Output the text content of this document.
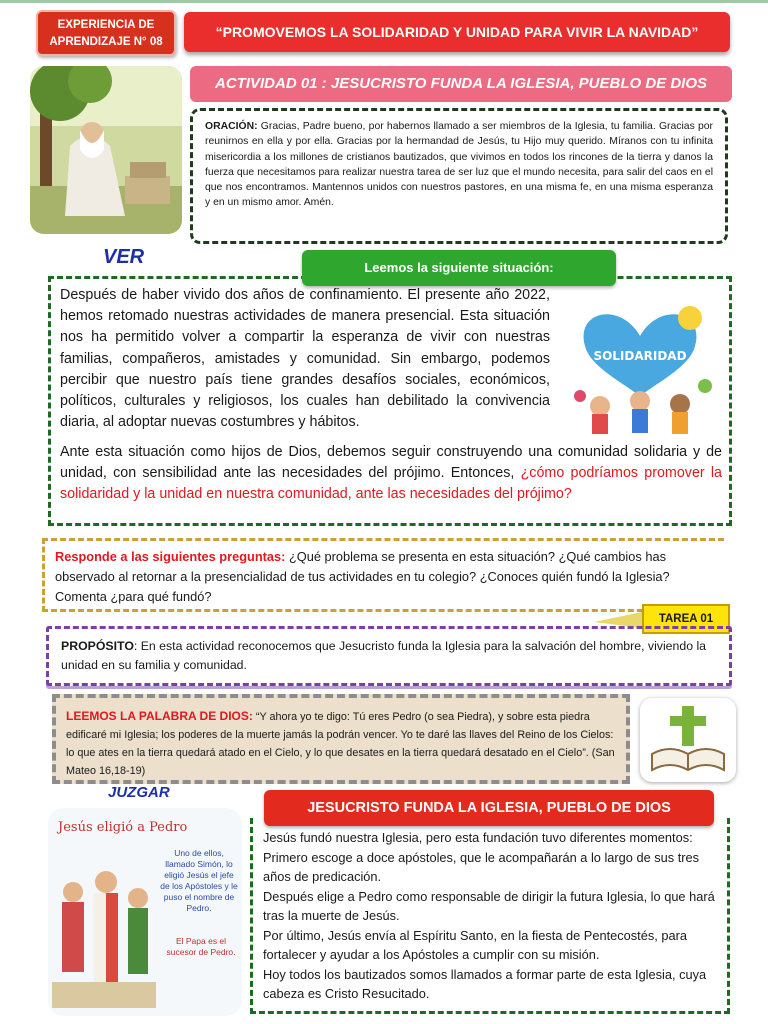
EXPERIENCIA DE
APRENDIZAJE N° 08
“PROMOVEMOS LA SOLIDARIDAD Y UNIDAD PARA VIVIR LA NAVIDAD”
ACTIVIDAD 01 : JESUCRISTO FUNDA LA IGLESIA, PUEBLO DE DIOS
ORACIÓN: Gracias, Padre bueno, por habernos llamado a ser miembros de la Iglesia, tu familia. Gracias por reunirnos en ella y por ella. Gracias por la hermandad de Jesús, tu Hijo muy querido. Míranos con tu infinita misericordia a los millones de cristianos bautizados, que vivimos en todos los rincones de la tierra y danos la fuerza que necesitamos para realizar nuestra tarea de ser luz que el mundo necesita, para salir del caos en el que nos encontramos. Mantennos unidos con nuestros pastores, en una misma fe, en una misma esperanza y en un mismo amor. Amén.
VER	Leemos la siguiente situación:
Después de haber vivido dos años de confinamiento. El presente año 2022, hemos retomado nuestras actividades de manera presencial. Esta situación nos ha permitido volver a compartir la esperanza de vivir con nuestras familias, compañeros, amistades y comunidad. Sin embargo, podemos percibir que nuestro país tiene grandes desafíos sociales, económicos, políticos, culturales y religiosos, los cuales han debilitado la convivencia diaria, al adoptar nuevas costumbres y hábitos.
Ante esta situación como hijos de Dios, debemos seguir construyendo una comunidad solidaria y de unidad, con sensibilidad ante las necesidades del prójimo. Entonces, ¿cómo podríamos promover la solidaridad y la unidad en nuestra comunidad, ante las necesidades del prójimo?
SOLIDARIDAD
Responde a las siguientes preguntas: ¿Qué problema se presenta en esta situación? ¿Qué cambios has observado al retornar a la presencialidad de tus actividades en tu colegio? ¿Conoces quién fundó la Iglesia? Comenta ¿para qué fundó?
TAREA 01
PROPÓSITO: En esta actividad reconocemos que Jesucristo funda la Iglesia para la salvación del hombre, viviendo la unidad en su familia y comunidad.
LEEMOS LA PALABRA DE DIOS: “Y ahora yo te digo: Tú eres Pedro (o sea Piedra), y sobre esta piedra edificaré mi Iglesia; los poderes de la muerte jamás la podrán vencer. Yo te daré las llaves del Reino de los Cielos: lo que ates en la tierra quedará atado en el Cielo, y lo que desates en la tierra quedará desatado en el Cielo”. (San Mateo 16,18-19)
JUZGAR
Jesús eligió a Pedro
Uno de ellos, llamado Simón, lo eligió Jesús el jefe de los Apóstoles y le puso el nombre de Pedro.
El Papa es el sucesor de Pedro.

Jesús fundó nuestra Iglesia, pero esta fundación tuvo diferentes momentos:

Primero escoge a doce apóstoles, que le acompañarán a lo largo de sus tres años de predicación.

Después elige a Pedro como responsable de dirigir la futura Iglesia, lo que hará tras la muerte de Jesús.

Por último, Jesús envía al Espíritu Santo, en la fiesta de Pentecostés, para fortalecer y ayudar a los Apóstoles a cumplir con su misión.

Hoy todos los bautizados somos llamados a formar parte de esta Iglesia, cuya cabeza es Cristo Resucitado.

JESUCRISTO FUNDA LA IGLESIA, PUEBLO DE DIOS
